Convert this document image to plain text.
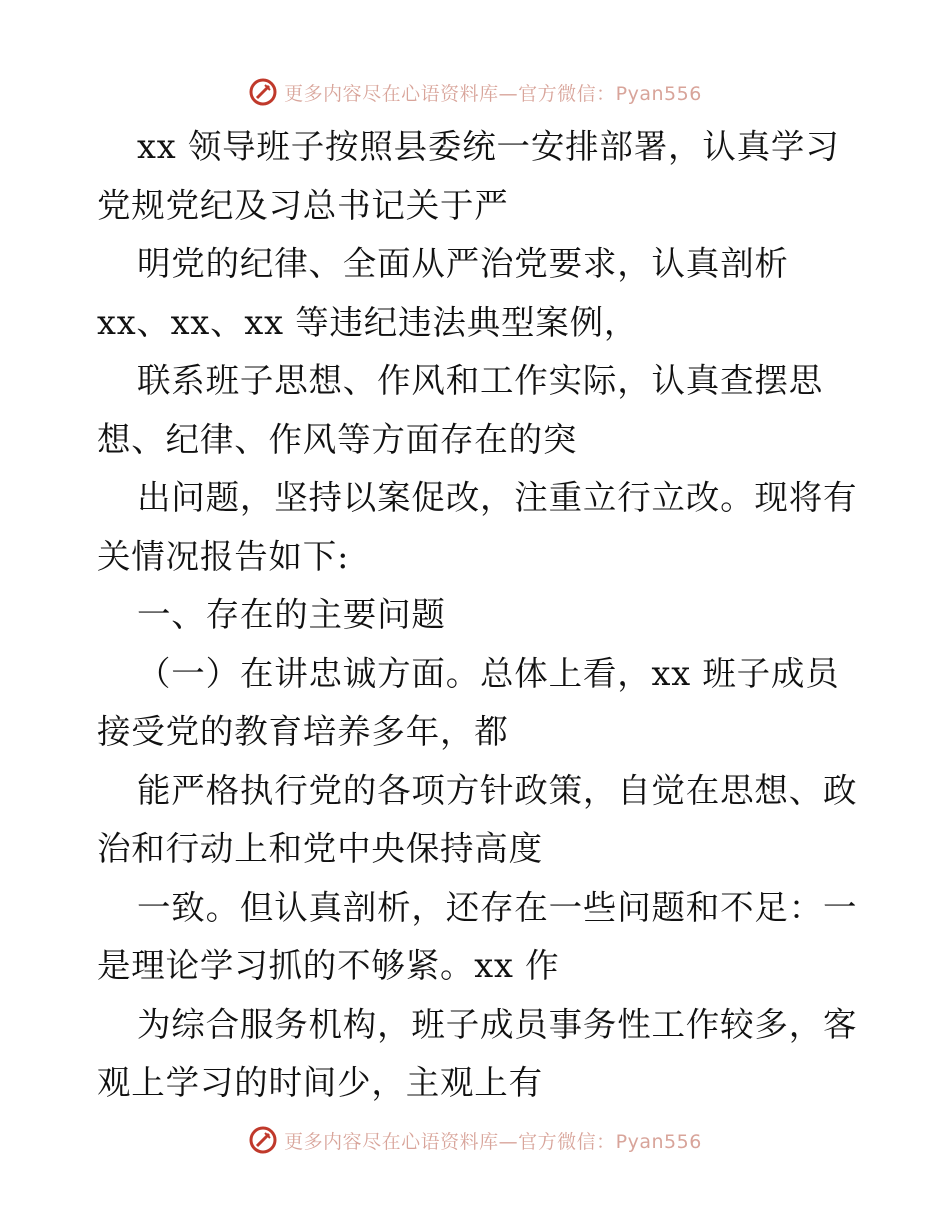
更多内容尽在心语资料库—官方微信：Pyan556
xx 领导班子按照县委统一安排部署，认真学习
党规党纪及习总书记关于严
明党的纪律、全面从严治党要求，认真剖析
xx、xx、xx 等违纪违法典型案例，
联系班子思想、作风和工作实际，认真查摆思
想、纪律、作风等方面存在的突
出问题，坚持以案促改，注重立行立改。现将有
关情况报告如下:
一、存在的主要问题
（一）在讲忠诚方面。总体上看，xx 班子成员
接受党的教育培养多年，都
能严格执行党的各项方针政策，自觉在思想、政
治和行动上和党中央保持高度
一致。但认真剖析，还存在一些问题和不足：一
是理论学习抓的不够紧。xx 作
为综合服务机构，班子成员事务性工作较多，客
观上学习的时间少，主观上有
更多内容尽在心语资料库—官方微信：Pyan556
